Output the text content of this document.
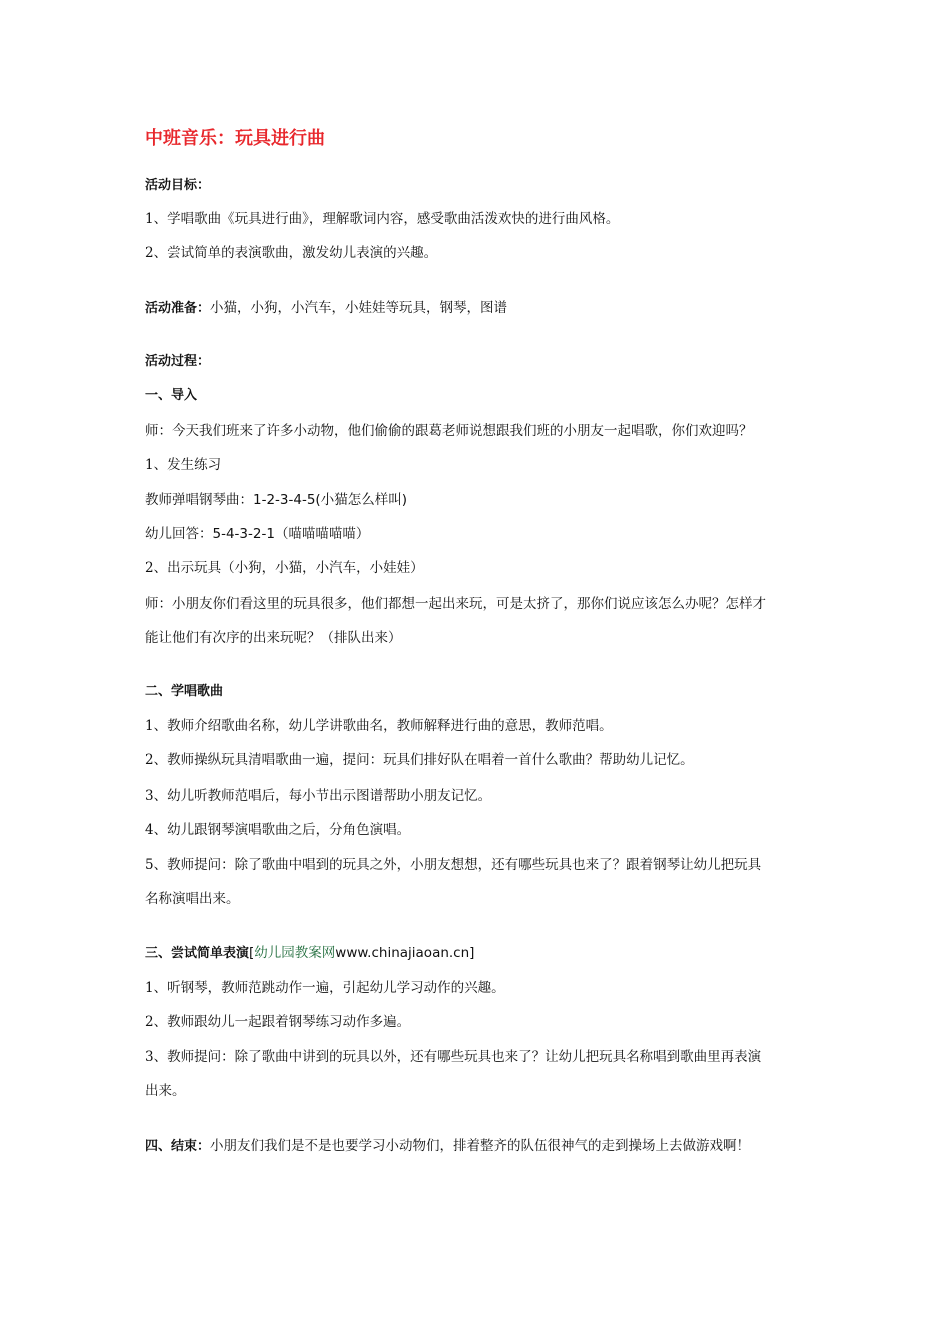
中班音乐：玩具进行曲
活动目标：
1、学唱歌曲《玩具进行曲》，理解歌词内容，感受歌曲活泼欢快的进行曲风格。
2、尝试简单的表演歌曲，激发幼儿表演的兴趣。
活动准备：小猫，小狗，小汽车，小娃娃等玩具，钢琴，图谱
活动过程：
一、导入
师：今天我们班来了许多小动物，他们偷偷的跟葛老师说想跟我们班的小朋友一起唱歌，你们欢迎吗？
1、发生练习
教师弹唱钢琴曲：1-2-3-4-5(小猫怎么样叫)
幼儿回答：5-4-3-2-1（喵喵喵喵喵）
2、出示玩具（小狗，小猫，小汽车，小娃娃）
师：小朋友你们看这里的玩具很多，他们都想一起出来玩，可是太挤了，那你们说应该怎么办呢？怎样才
能让他们有次序的出来玩呢？（排队出来）
二、学唱歌曲
1、教师介绍歌曲名称，幼儿学讲歌曲名，教师解释进行曲的意思，教师范唱。
2、教师操纵玩具清唱歌曲一遍，提问：玩具们排好队在唱着一首什么歌曲？帮助幼儿记忆。
3、幼儿听教师范唱后，每小节出示图谱帮助小朋友记忆。
4、幼儿跟钢琴演唱歌曲之后，分角色演唱。
5、教师提问：除了歌曲中唱到的玩具之外，小朋友想想，还有哪些玩具也来了？跟着钢琴让幼儿把玩具
名称演唱出来。
三、尝试简单表演[幼儿园教案网www.chinajiaoan.cn]
1、听钢琴，教师范跳动作一遍，引起幼儿学习动作的兴趣。
2、教师跟幼儿一起跟着钢琴练习动作多遍。
3、教师提问：除了歌曲中讲到的玩具以外，还有哪些玩具也来了？让幼儿把玩具名称唱到歌曲里再表演
出来。
四、结束：小朋友们我们是不是也要学习小动物们，排着整齐的队伍很神气的走到操场上去做游戏啊！
